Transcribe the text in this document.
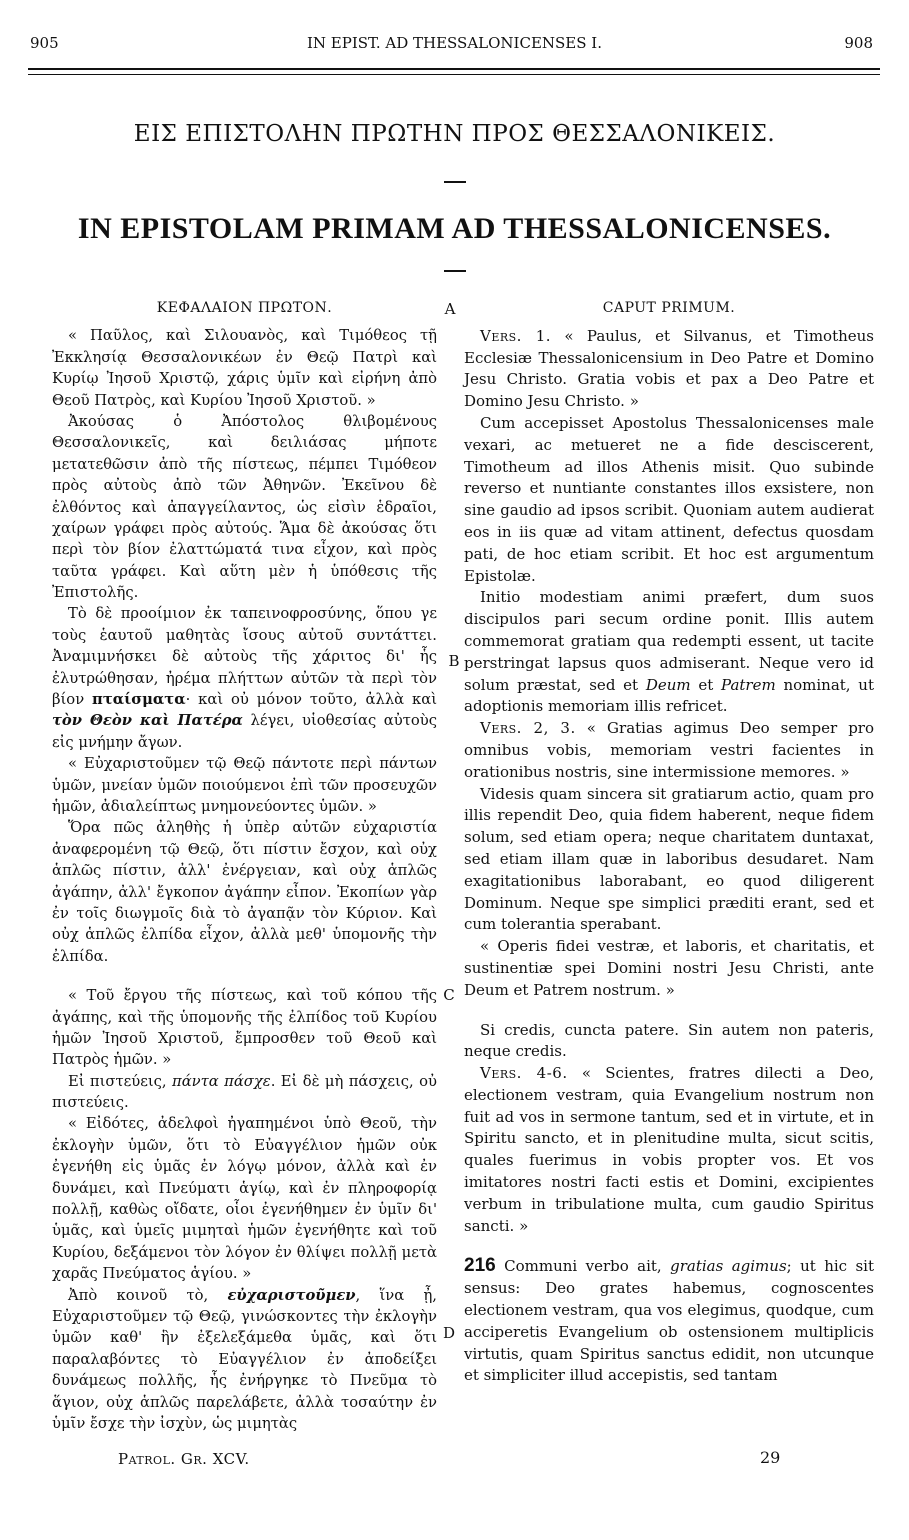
905	IN EPIST. AD THESSALONICENSES I.	908
ΕΙΣ ΕΠΙΣΤΟΛΗΝ ΠΡΩΤΗΝ ΠΡΟΣ ΘΕΣΣΑΛΟΝΙΚΕΙΣ.
IN EPISTOLAM PRIMAM AD THESSALONICENSES.
ΚΕΦΑΛΑΙΟΝ ΠΡΩΤΟΝ.

« Παῦλος, καὶ Σιλουανὸς, καὶ Τιμόθεος τῇ Ἐκκλησίᾳ Θεσσαλονικέων ἐν Θεῷ Πατρὶ καὶ Κυρίῳ Ἰησοῦ Χριστῷ, χάρις ὑμῖν καὶ εἰρήνη ἀπὸ Θεοῦ Πατρὸς, καὶ Κυρίου Ἰησοῦ Χριστοῦ. »

Ἀκούσας ὁ Ἀπόστολος θλιβομένους Θεσσαλονικεῖς, καὶ δειλιάσας μήποτε μετατεθῶσιν ἀπὸ τῆς πίστεως, πέμπει Τιμόθεον πρὸς αὐτοὺς ἀπὸ τῶν Ἀθηνῶν. Ἐκεῖνου δὲ ἐλθόντος καὶ ἀπαγγείλαντος, ὡς εἰσὶν ἑδραῖοι, χαίρων γράφει πρὸς αὐτούς. Ἅμα δὲ ἀκούσας ὅτι περὶ τὸν βίον ἐλαττώματά τινα εἶχον, καὶ πρὸς ταῦτα γράφει. Καὶ αὕτη μὲν ἡ ὑπόθεσις τῆς Ἐπιστολῆς.

Τὸ δὲ προοίμιον ἐκ ταπεινοφροσύνης, ὅπου γε τοὺς ἑαυτοῦ μαθητὰς ἴσους αὐτοῦ συντάττει. Ἀναμιμνήσκει δὲ αὐτοὺς τῆς χάριτος δι' ἧς ἐλυτρώθησαν, ἠρέμα πλήττων αὐτῶν τὰ περὶ τὸν βίον πταίσματα· καὶ οὐ μόνον τοῦτο, ἀλλὰ καὶ τὸν Θεὸν καὶ Πατέρα λέγει, υἱοθεσίας αὐτοὺς εἰς μνήμην ἄγων.

« Εὐχαριστοῦμεν τῷ Θεῷ πάντοτε περὶ πάντων ὑμῶν, μνείαν ὑμῶν ποιούμενοι ἐπὶ τῶν προσευχῶν ἡμῶν, ἀδιαλείπτως μνημονεύοντες ὑμῶν. »

Ὅρα πῶς ἀληθὴς ἡ ὑπὲρ αὐτῶν εὐχαριστία ἀναφερομένη τῷ Θεῷ, ὅτι πίστιν ἔσχον, καὶ οὐχ ἁπλῶς πίστιν, ἀλλ' ἐνέργειαν, καὶ οὐχ ἁπλῶς ἀγάπην, ἀλλ' ἔγκοπον ἀγάπην εἶπον. Ἐκοπίων γὰρ ἐν τοῖς διωγμοῖς διὰ τὸ ἀγαπᾷν τὸν Κύριον. Καὶ οὐχ ἁπλῶς ἐλπίδα εἶχον, ἀλλὰ μεθ' ὑπομονῆς τὴν ἐλπίδα.

« Τοῦ ἔργου τῆς πίστεως, καὶ τοῦ κόπου τῆς ἀγάπης, καὶ τῆς ὑπομονῆς τῆς ἐλπίδος τοῦ Κυρίου ἡμῶν Ἰησοῦ Χριστοῦ, ἔμπροσθεν τοῦ Θεοῦ καὶ Πατρὸς ἡμῶν. »

Εἰ πιστεύεις, πάντα πάσχε. Εἰ δὲ μὴ πάσχεις, οὐ πιστεύεις.

« Εἰδότες, ἀδελφοὶ ἠγαπημένοι ὑπὸ Θεοῦ, τὴν ἐκλογὴν ὑμῶν, ὅτι τὸ Εὐαγγέλιον ἡμῶν οὐκ ἐγενήθη εἰς ὑμᾶς ἐν λόγῳ μόνον, ἀλλὰ καὶ ἐν δυνάμει, καὶ Πνεύματι ἁγίῳ, καὶ ἐν πληροφορίᾳ πολλῇ, καθὼς οἴδατε, οἷοι ἐγενήθημεν ἐν ὑμῖν δι' ὑμᾶς, καὶ ὑμεῖς μιμηταὶ ἡμῶν ἐγενήθητε καὶ τοῦ Κυρίου, δεξάμενοι τὸν λόγον ἐν θλίψει πολλῇ μετὰ χαρᾶς Πνεύματος ἁγίου. »

Ἀπὸ κοινοῦ τὸ, εὐχαριστοῦμεν, ἵνα ᾖ, Εὐχαριστοῦμεν τῷ Θεῷ, γινώσκοντες τὴν ἐκλογὴν ὑμῶν καθ' ἣν ἐξελεξάμεθα ὑμᾶς, καὶ ὅτι παραλαβόντες τὸ Εὐαγγέλιον ἐν ἀποδείξει δυνάμεως πολλῆς, ἧς ἐνήργηκε τὸ Πνεῦμα τὸ ἅγιον, οὐχ ἁπλῶς παρελάβετε, ἀλλὰ τοσαύτην ἐν ὑμῖν ἔσχε τὴν ἰσχὺν, ὡς μιμητὰς

A
B
C
D
CAPUT PRIMUM.

Vers. 1. « Paulus, et Silvanus, et Timotheus Ecclesiæ Thessalonicensium in Deo Patre et Domino Jesu Christo. Gratia vobis et pax a Deo Patre et Domino Jesu Christo. »

Cum accepisset Apostolus Thessalonicenses male vexari, ac metueret ne a fide desciscerent, Timotheum ad illos Athenis misit. Quo subinde reverso et nuntiante constantes illos exsistere, non sine gaudio ad ipsos scribit. Quoniam autem audierat eos in iis quæ ad vitam attinent, defectus quosdam pati, de hoc etiam scribit. Et hoc est argumentum Epistolæ.

Initio modestiam animi præfert, dum suos discipulos pari secum ordine ponit. Illis autem commemorat gratiam qua redempti essent, ut tacite perstringat lapsus quos admiserant. Neque vero id solum præstat, sed et Deum et Patrem nominat, ut adoptionis memoriam illis refricet.

Vers. 2, 3. « Gratias agimus Deo semper pro omnibus vobis, memoriam vestri facientes in orationibus nostris, sine intermissione memores. »

Videsis quam sincera sit gratiarum actio, quam pro illis rependit Deo, quia fidem haberent, neque fidem solum, sed etiam opera; neque charitatem duntaxat, sed etiam illam quæ in laboribus desudaret. Nam exagitationibus laborabant, eo quod diligerent Dominum. Neque spe simplici præditi erant, sed et cum tolerantia sperabant.

« Operis fidei vestræ, et laboris, et charitatis, et sustinentiæ spei Domini nostri Jesu Christi, ante Deum et Patrem nostrum. »

Si credis, cuncta patere. Sin autem non pateris, neque credis.

Vers. 4-6. « Scientes, fratres dilecti a Deo, electionem vestram, quia Evangelium nostrum non fuit ad vos in sermone tantum, sed et in virtute, et in Spiritu sancto, et in plenitudine multa, sicut scitis, quales fuerimus in vobis propter vos. Et vos imitatores nostri facti estis et Domini, excipientes verbum in tribulatione multa, cum gaudio Spiritus sancti. »

216 Communi verbo ait, gratias agimus; ut hic sit sensus: Deo grates habemus, cognoscentes electionem vestram, qua vos elegimus, quodque, cum acciperetis Evangelium ob ostensionem multiplicis virtutis, quam Spiritus sanctus edidit, non utcunque et simpliciter illud accepistis, sed tantam

Patrol. Gr. XCV.	29
